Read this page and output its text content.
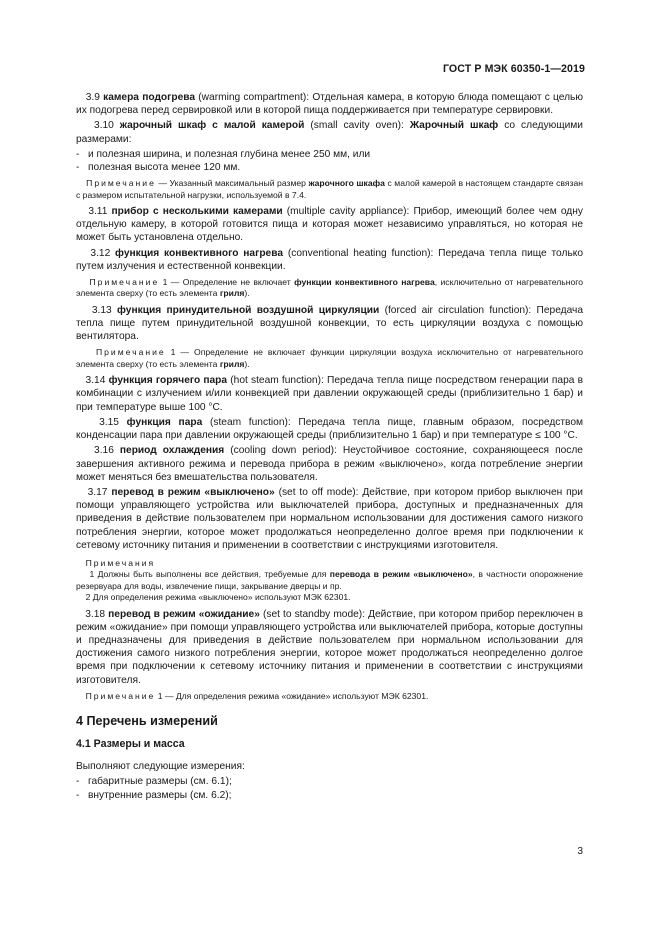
ГОСТ Р МЭК 60350-1—2019

3.9 камера подогрева (warming compartment): Отдельная камера, в которую блюда помещают с целью их подогрева перед сервировкой или в которой пища поддерживается при температуре сервировки.

3.10 жарочный шкаф с малой камерой (small cavity oven): Жарочный шкаф со следующими размерами:

- и полезная ширина, и полезная глубина менее 250 мм, или

- полезная высота менее 120 мм.

Примечание — Указанный максимальный размер жарочного шкафа с малой камерой в настоящем стандарте связан с размером испытательной нагрузки, используемой в 7.4.

3.11 прибор с несколькими камерами (multiple cavity appliance): Прибор, имеющий более чем одну отдельную камеру, в которой готовится пища и которая может независимо управляться, но которая не может быть установлена отдельно.

3.12 функция конвективного нагрева (conventional heating function): Передача тепла пище только путем излучения и естественной конвекции.

Примечание 1 — Определение не включает функции конвективного нагрева, исключительно от нагревательного элемента сверху (то есть элемента гриля).

3.13 функция принудительной воздушной циркуляции (forced air circulation function): Передача тепла пище путем принудительной воздушной конвекции, то есть циркуляции воздуха с помощью вентилятора.

Примечание 1 — Определение не включает функции циркуляции воздуха исключительно от нагревательного элемента сверху (то есть элемента гриля).

3.14 функция горячего пара (hot steam function): Передача тепла пище посредством генерации пара в комбинации с излучением и/или конвекцией при давлении окружающей среды (приблизительно 1 бар) и при температуре выше 100 °С.

3.15 функция пара (steam function): Передача тепла пище, главным образом, посредством конденсации пара при давлении окружающей среды (приблизительно 1 бар) и при температуре ≤ 100 °С.

3.16 период охлаждения (cooling down period): Неустойчивое состояние, сохраняющееся после завершения активного режима и перевода прибора в режим «выключено», когда потребление энергии может меняться без вмешательства пользователя.

3.17 перевод в режим «выключено» (set to off mode): Действие, при котором прибор выключен при помощи управляющего устройства или выключателей прибора, доступных и предназначенных для приведения в действие пользователем при нормальном использовании для достижения самого низкого потребления энергии, которое может продолжаться неопределенно долгое время при подключении к сетевому источнику питания и применении в соответствии с инструкциями изготовителя.

Примечания
1 Должны быть выполнены все действия, требуемые для перевода в режим «выключено», в частности опорожнение резервуара для воды, извлечение пищи, закрывание дверцы и пр.
2 Для определения режима «выключено» используют МЭК 62301.

3.18 перевод в режим «ожидание» (set to standby mode): Действие, при котором прибор переключен в режим «ожидание» при помощи управляющего устройства или выключателей прибора, которые доступны и предназначены для приведения в действие пользователем при нормальном использовании для достижения самого низкого потребления энергии, которое может продолжаться неопределенно долгое время при подключении к сетевому источнику питания и применении в соответствии с инструкциями изготовителя.

Примечание 1 — Для определения режима «ожидание» используют МЭК 62301.

4 Перечень измерений
4.1 Размеры и масса

Выполняют следующие измерения:

- габаритные размеры (см. 6.1);

- внутренние размеры (см. 6.2);

3
